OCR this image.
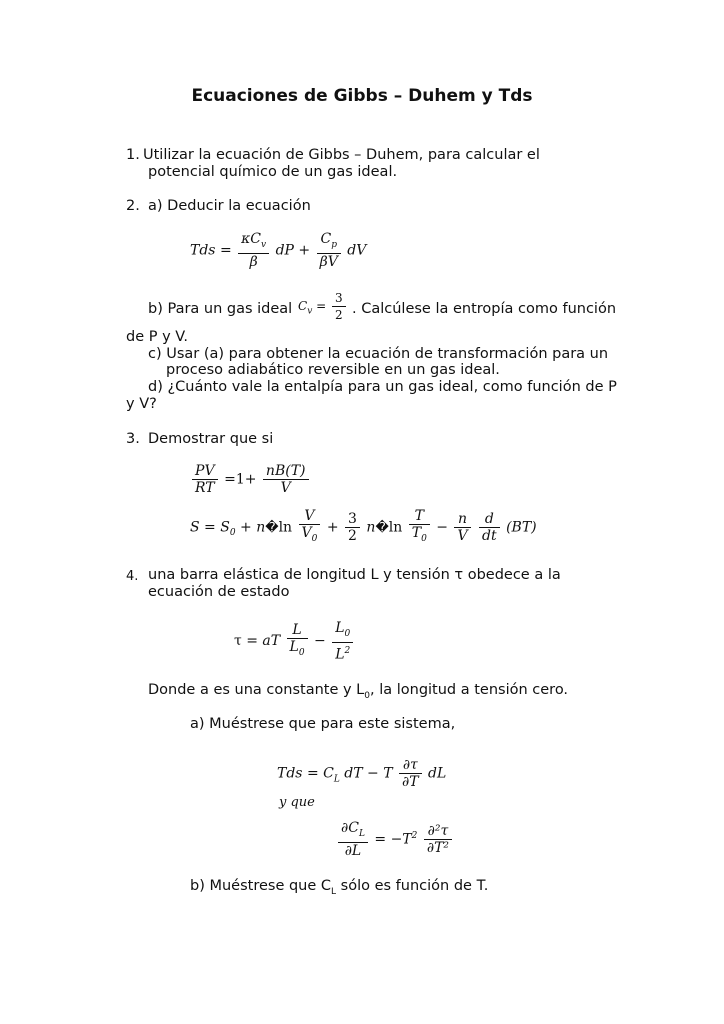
Ecuaciones de Gibbs – Duhem y Tds
1. Utilizar la ecuación de Gibbs – Duhem, para calcular el
potencial químico de un gas ideal.
2. a) Deducir la ecuación
Tds = $\frac{\kappa C_v}{\beta}$ dP + $\frac{C_p}{\beta V}$ dV
b) Para un gas ideal $C_v = \frac{3}{2}$ . Calcúlese la entropía como función
de P y V.
c) Usar (a) para obtener la ecuación de transformación para un
proceso adiabático reversible en un gas ideal.
d) ¿Cuánto vale la entalpía para un gas ideal, como función de P
y V?
3. Demostrar que si
$\frac{PV}{RT} =1+ \frac{nB(T)}{V}$
$S = S_0$ + n�ln $\frac{V}{V_0} + \frac{3}{2}$ n�ln $\frac{T}{T_0} - \frac{n}{V}$
$\frac{d}{dt} (BT)$
4. una barra elástica de longitud L y tensión τ obedece a la
ecuación de estado
τ = aT $\frac{L}{L_0} - \frac{L_0}{L^2}$
Donde a es una constante y $L_0$, la longitud a tensión cero.
a) Muéstrese que para este sistema,
Tds = $C_L$ dT − T $\frac{\partial\tau}{\partial T}$ dL
y que
$\frac{\partial C_L}{\partial L} = -T^2 \frac{\text{∂²τ}}{\text{∂T²}}$
b) Muéstrese que $C_L$ sólo es función de T.
